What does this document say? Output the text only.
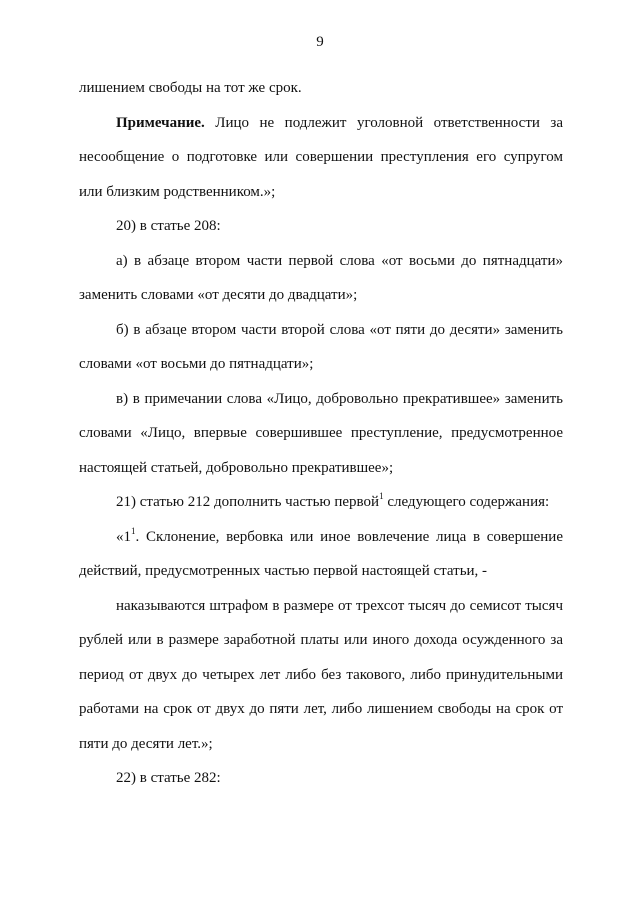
9

лишением свободы на тот же срок.

Примечание. Лицо не подлежит уголовной ответственности за несообщение о подготовке или совершении преступления его супругом или близким родственником.»;

20) в статье 208:

а) в абзаце втором части первой слова «от восьми до пятнадцати» заменить словами «от десяти до двадцати»;

б) в абзаце втором части второй слова «от пяти до десяти» заменить словами «от восьми до пятнадцати»;

в) в примечании слова «Лицо, добровольно прекратившее» заменить словами «Лицо, впервые совершившее преступление, предусмотренное настоящей статьей, добровольно прекратившее»;

21) статью 212 дополнить частью первой$^1$ следующего содержания:

«$1^1$. Склонение, вербовка или иное вовлечение лица в совершение действий, предусмотренных частью первой настоящей статьи, -

наказываются штрафом в размере от трехсот тысяч до семисот тысяч рублей или в размере заработной платы или иного дохода осужденного за период от двух до четырех лет либо без такового, либо принудительными работами на срок от двух до пяти лет, либо лишением свободы на срок от пяти до десяти лет.»;

22) в статье 282:
